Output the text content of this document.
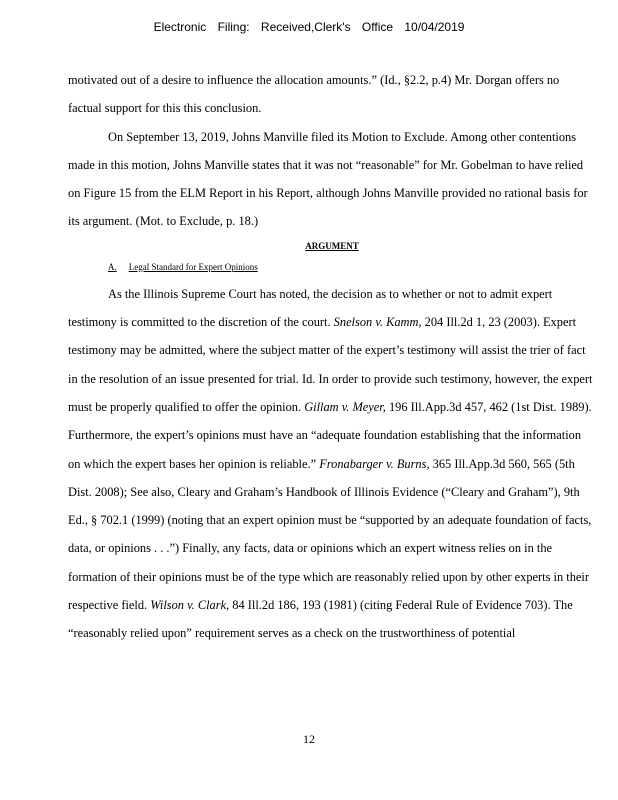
Electronic Filing: Received,Clerk's Office 10/04/2019

motivated out of a desire to influence the allocation amounts.” (Id., §2.2, p.4) Mr. Dorgan offers no factual support for this this conclusion.

On September 13, 2019, Johns Manville filed its Motion to Exclude. Among other contentions made in this motion, Johns Manville states that it was not “reasonable” for Mr. Gobelman to have relied on Figure 15 from the ELM Report in his Report, although Johns Manville provided no rational basis for its argument. (Mot. to Exclude, p. 18.)

ARGUMENT

A. Legal Standard for Expert Opinions

As the Illinois Supreme Court has noted, the decision as to whether or not to admit expert testimony is committed to the discretion of the court. Snelson v. Kamm, 204 Ill.2d 1, 23 (2003). Expert testimony may be admitted, where the subject matter of the expert’s testimony will assist the trier of fact in the resolution of an issue presented for trial. Id. In order to provide such testimony, however, the expert must be properly qualified to offer the opinion. Gillam v. Meyer, 196 Ill.App.3d 457, 462 (1st Dist. 1989). Furthermore, the expert’s opinions must have an “adequate foundation establishing that the information on which the expert bases her opinion is reliable.” Fronabarger v. Burns, 365 Ill.App.3d 560, 565 (5th Dist. 2008); See also, Cleary and Graham’s Handbook of Illinois Evidence (“Cleary and Graham”), 9th Ed., § 702.1 (1999) (noting that an expert opinion must be “supported by an adequate foundation of facts, data, or opinions . . .”) Finally, any facts, data or opinions which an expert witness relies on in the formation of their opinions must be of the type which are reasonably relied upon by other experts in their respective field. Wilson v. Clark, 84 Ill.2d 186, 193 (1981) (citing Federal Rule of Evidence 703). The “reasonably relied upon” requirement serves as a check on the trustworthiness of potential

12
